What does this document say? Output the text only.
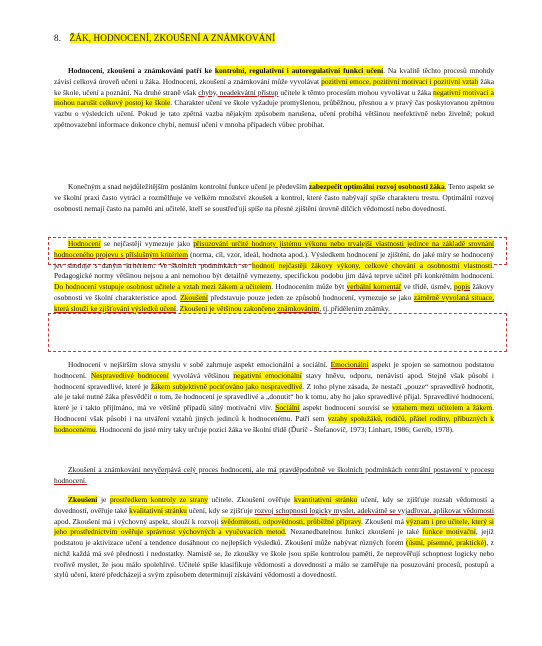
8. ŽÁK, HODNOCENÍ, ZKOUŠENÍ A ZNÁMKOVÁNÍ

Hodnocení, zkoušení a známkování patří ke kontrolní, regulativní i autoregulativní funkci učení. Na kvalitě těchto procesů mnohdy závisí celková úroveň učení u žáka. Hodnocení, zkoušení a známkování může vyvolávat pozitivní emoce, pozitivní motivaci i pozitivní vztah žáka ke škole, učení a poznání. Na druhé straně však chyby, neadekvátní přístup učitele k těmto procesům mohou vyvolávat u žáka negativní motivaci a mohou narušit celkový postoj ke škole. Charakter učení ve škole vyžaduje promyšlenou, průběžnou, přesnou a v pravý čas poskytovanou zpětnou vazbu o výsledcích učení. Pokud je tato zpětná vazba nějakým způsobem narušena, učení probíhá většinou neefektivně nebo živelně; pokud zpětnovazební informace dokonce chybí, nemusí učení v mnoha případech vůbec probíhat.

Konečným a snad nejdůležitějším posláním kontrolní funkce učení je především zabezpečit optimální rozvoj osobnosti žáka. Tento aspekt se ve školní praxi často vytrácí a rozmělňuje ve velkém množství zkoušek a kontrol, které často nabývají spíše charakteru trestu. Optimální rozvoj osobnosti nemají často na paměti ani učitelé, kteří se soustřeďují spíše na přesné zjištění úrovně dílčích vědomostí nebo dovedností.

Hodnocení se nejčastěji vymezuje jako přisuzování určité hodnoty jistému výkonu nebo trvalejší vlastnosti jedince na základě srovnání hodnoceného projevu s příslušným kritériem (norma, cíl, vzor, ideál, hodnota apod.). Výsledkem hodnocení je zjištění, do jaké míry se hodnocený jev shoduje s daným kritériem. Ve školních podmínkách se hodnotí nejčastěji žákovy výkony, celkové chování a osobnostní vlastnosti. Pedagogické normy většinou nejsou a ani nemohou být detailně vymezeny, specifickou podobu jim dává teprve učitel při konkrétním hodnocení. Do hodnocení vstupuje osobnost učitele a vztah mezi žákem a učitelem. Hodnocením může být verbální komentář ve třídě, úsměv, popis žákovy osobnosti ve školní charakteristice apod. Zkoušení představuje pouze jeden ze způsobů hodnocení, vymezuje se jako záměrně vyvolaná situace, která slouží ke zjišťování výsledků učení. Zkoušení je většinou zakončeno známkováním, tj. přidělením známky.

Hodnocení v nejširším slova smyslu v sobě zahrnuje aspekt emocionální a sociální. Emocionální aspekt je spojen se samotnou podstatou hodnocení. Nespravedlivé hodnocení vyvolává většinou negativní emocionální stavy hněvu, odporu, nenávisti apod. Stejně však působí i hodnocení spravedlivé, které je žákem subjektivně pociťováno jako nespravedlivé. Z toho plyne zásada, že nestačí „pouze“ spravedlivě hodnotit, ale je také nutné žáka přesvědčit o tom, že hodnocení je spravedlivé a „donutit“ ho k tomu, aby ho jako spravedlivé přijal. Spravedlivé hodnocení, které je i takto přijímáno, má ve většině případů silný motivační vliv. Sociální aspekt hodnocení souvisí se vztahem mezi učitelem a žákem. Hodnocení však působí i na utváření vztahů jiných jedinců k hodnocenému. Patří sem vztahy spolužáků, rodičů, přátel rodiny, příbuzných k hodnocenému. Hodnocení do jisté míry taky určuje pozici žáka ve školní třídě (Ďurič - Štefanovič, 1973; Linhart, 1986; Geréb, 1978).

Zkoušení a známkování nevyčerpává celý proces hodnocení, ale má pravděpodobně ve školních podmínkách centrální postavení v procesu hodnocení.

Zkoušení je prostředkem kontroly ze strany učitele. Zkoušení ověřuje kvantitativní stránku učení, kdy se zjišťuje rozsah vědomostí a dovedností, ověřuje také kvalitativní stránku učení, kdy se zjišťuje rozvoj schopnosti logicky myslet, adekvátně se vyjadřovat, aplikovat vědomosti apod. Zkoušení má i výchovný aspekt, slouží k rozvoji svědomitosti, odpovědnosti, průběžné přípravy. Zkoušení má význam i pro učitele, který si jeho prostřednictvím ověřuje správnost výchovných a vyučovacích metod. Nezanedbatelnou funkcí zkoušení je také funkce motivační, jejíž podstatou je aktivizace učení a tendence dosáhnout co nejlepších výsledků. Zkoušení může nabývat různých forem (ústní, písemné, praktické), z nichž každá má své přednosti i nedostatky. Namístě se, že zkoušky ve škole jsou spíše kontrolou paměti, že neprověřují schopnost logicky nebo tvořivě myslet, že jsou málo spolehlivé. Učitelé spíše klasifikuje vědomosti a dovednosti a málo se zaměřuje na posuzování procesů, postupů a stylů učení, které předcházejí a svým způsobem determinují získávání vědomostí a dovedností.
